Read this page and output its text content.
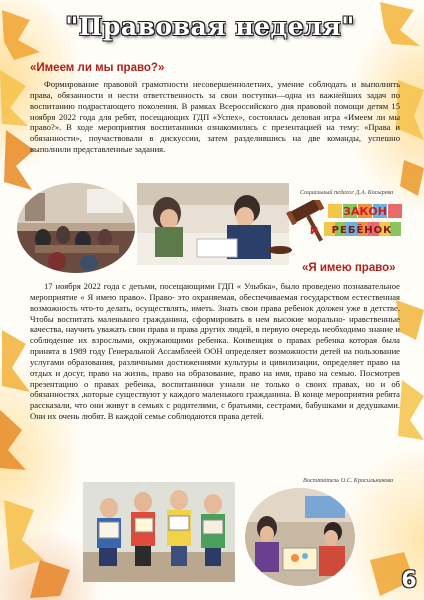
"Правовая неделя"
«Имеем ли мы право?»
Формирование правовой грамотности несовершеннолетних, умение соблюдать и выполнять права, обязанности и нести ответственность за свои поступки—одна из важнейших задач по воспитанию подрастающего поколения. В рамках Всероссийского дня правовой помощи детям 15 ноября 2022 года для ребят, посещающих ГДП «Успех», состоялась деловая игра «Имеем ли мы право?». В ходе мероприятия воспитанники ознакомились с презентацией на тему: «Права и обязанности», поучаствовали в дискуссии, затем разделившись на две команды, успешно выполнили представленные задания.
Социальный педагог Д.А. Косырева
ЗАКОН
И РЕБЁНОК
«Я имею право»
17 ноября 2022 года с детьми, посещающими ГДП « Улыбка», было проведено познавательное мероприятие « Я имею право». Право- это охраняемая, обеспечиваемая государством естественная возможность что-то делать, осуществлять, иметь. Знать свои права ребенок должен уже в детстве. Чтобы воспитать маленького гражданина, сформировать в нем высокие морально- нравственные качества, научить уважать свои права и права других людей, в первую очередь необходимо знание и соблюдение их взрослыми, окружающими ребенка. Конвенция о правах ребенка которая была принята в 1989 году Генеральной Ассамблеей ООН определяет возможности детей на пользование услугами образования, различными достижениями культуры и цивилизации, определяет право на отдых и досуг, право на жизнь, право на образование, право на имя, право на семью. Посмотрев презентацию о правах ребенка, воспитанники узнали не только о своих правах, но и об обязанностях ,которые существуют у каждого маленького гражданина. В конце мероприятия ребята рассказали, что они живут в семьях с родителями, с братьями, сестрами, бабушками и дедушками. Они их очень любят. В каждой семье соблюдаются права детей.
Воспитатель О.С. Красильникова
6
